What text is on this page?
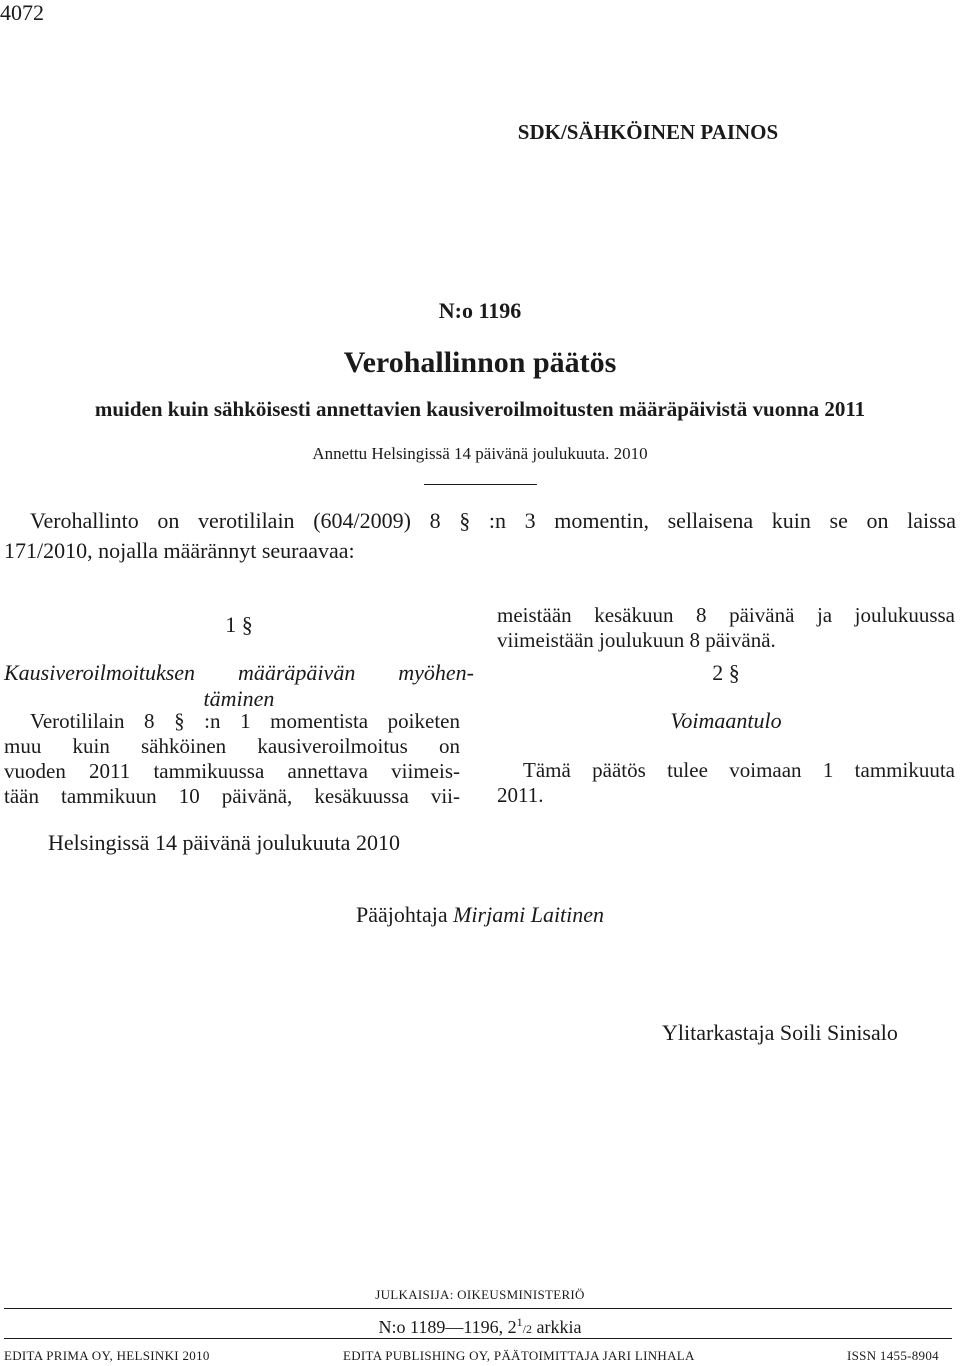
4072
SDK/SÄHKÖINEN PAINOS
N:o 1196
Verohallinnon päätös
muiden kuin sähköisesti annettavien kausiveroilmoitusten määräpäivistä vuonna 2011
Annettu Helsingissä 14 päivänä joulukuuta. 2010
Verohallinto on verotililain (604/2009) 8 § :n 3 momentin, sellaisena kuin se on laissa
171/2010, nojalla määrännyt seuraavaa:
1 §
Kausiveroilmoituksen määräpäivän myöhen-
täminen
Verotililain 8 § :n 1 momentista poiketen
muu kuin sähköinen kausiveroilmoitus on
vuoden 2011 tammikuussa annettava viimeis-
tään tammikuun 10 päivänä, kesäkuussa vii-
meistään kesäkuun 8 päivänä ja joulukuussa
viimeistään joulukuun 8 päivänä.
2 §
Voimaantulo
Tämä päätös tulee voimaan 1 tammikuuta
2011.
Helsingissä 14 päivänä joulukuuta 2010
Pääjohtaja Mirjami Laitinen
Ylitarkastaja Soili Sinisalo
JULKAISIJA: OIKEUSMINISTERIÖ
N:o 1189—1196, $2^1/2$ arkkia
EDITA PRIMA OY, HELSINKI 2010	EDITA PUBLISHING OY, PÄÄTOIMITTAJA JARI LINHALA	ISSN 1455-8904
